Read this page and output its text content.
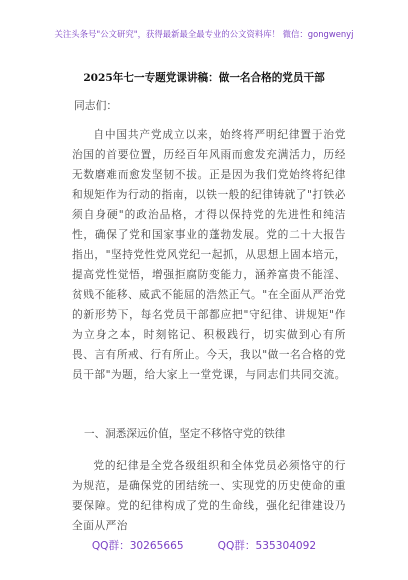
关注头条号"公文研究"，获得最新最全最专业的公文资料库！ 微信：gongwenyj
2025年七一专题党课讲稿：做一名合格的党员干部
同志们：
自中国共产党成立以来，始终将严明纪律置于治党治国的首要位置，历经百年风雨而愈发充满活力，历经无数磨难而愈发坚韧不拔。正是因为我们党始终将纪律和规矩作为行动的指南，以铁一般的纪律铸就了"打铁必须自身硬"的政治品格，才得以保持党的先进性和纯洁性，确保了党和国家事业的蓬勃发展。党的二十大报告指出，"坚持党性党风党纪一起抓，从思想上固本培元，提高党性觉悟，增强拒腐防变能力，涵养富贵不能淫、贫贱不能移、威武不能屈的浩然正气。"在全面从严治党的新形势下，每名党员干部都应把"守纪律、讲规矩"作为立身之本，时刻铭记、积极践行，切实做到心有所畏、言有所戒、行有所止。今天，我以"做一名合格的党员干部"为题，给大家上一堂党课，与同志们共同交流。
一、洞悉深远价值，坚定不移恪守党的铁律
党的纪律是全党各级组织和全体党员必须恪守的行为规范，是确保党的团结统一、实现党的历史使命的重要保障。党的纪律构成了党的生命线，强化纪律建设乃全面从严治
QQ群：30265665	QQ群：535304092
